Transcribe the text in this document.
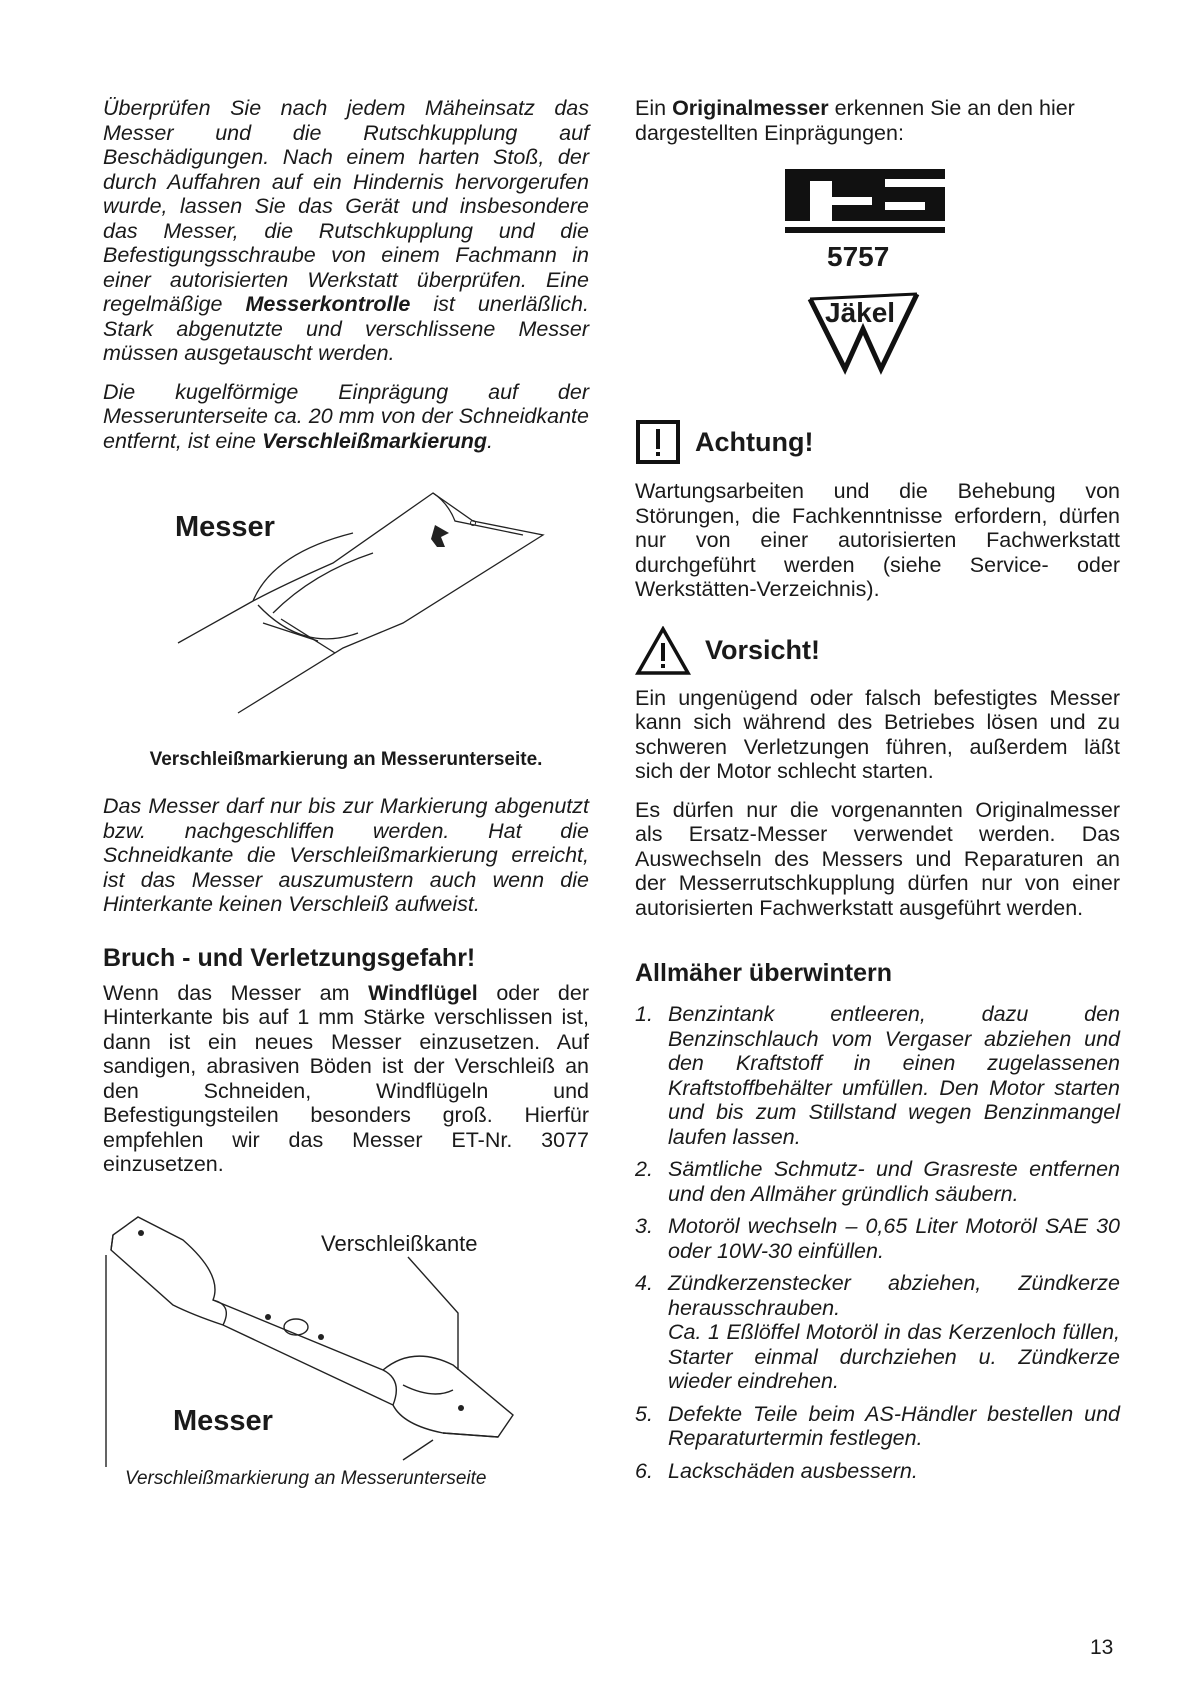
Überprüfen Sie nach jedem Mäheinsatz das Messer und die Rutschkupplung auf Beschädigungen. Nach einem harten Stoß, der durch Auffahren auf ein Hindernis hervorgerufen wurde, lassen Sie das Gerät und insbesondere das Messer, die Rutschkupplung und die Befestigungsschraube von einem Fachmann in einer autorisierten Werkstatt überprüfen. Eine regelmäßige Messerkontrolle ist unerläßlich. Stark abgenutzte und verschlissene Messer müssen ausgetauscht werden.

Die kugelförmige Einprägung auf der Messerunterseite ca. 20 mm von der Schneidkante entfernt, ist eine Verschleißmarkierung.

Messer

Verschleißmarkierung an Messerunterseite.

Das Messer darf nur bis zur Markierung abgenutzt bzw. nachgeschliffen werden. Hat die Schneidkante die Verschleißmarkierung erreicht, ist das Messer auszumustern auch wenn die Hinterkante keinen Verschleiß aufweist.

Bruch - und Verletzungsgefahr!

Wenn das Messer am Windflügel oder der Hinterkante bis auf 1 mm Stärke verschlissen ist, dann ist ein neues Messer einzusetzen. Auf sandigen, abrasiven Böden ist der Verschleiß an den Schneiden, Windflügeln und Befestigungsteilen besonders groß. Hierfür empfehlen wir das Messer ET-Nr. 3077 einzusetzen.

Verschleißkante
Messer

Verschleißmarkierung an Messerunterseite

Ein Originalmesser erkennen Sie an den hier dargestellten Einprägungen:

5757
Jäkel
Achtung!

Wartungsarbeiten und die Behebung von Störungen, die Fachkenntnisse erfordern, dürfen nur von einer autorisierten Fachwerkstatt durchgeführt werden (siehe Service- oder Werkstätten-Verzeichnis).

Vorsicht!

Ein ungenügend oder falsch befestigtes Messer kann sich während des Betriebes lösen und zu schweren Verletzungen führen, außerdem läßt sich der Motor schlecht starten.

Es dürfen nur die vorgenannten Originalmesser als Ersatz-Messer verwendet werden. Das Auswechseln des Messers und Reparaturen an der Messerrutschkupplung dürfen nur von einer autorisierten Fachwerkstatt ausgeführt werden.

Allmäher überwintern
1. Benzintank entleeren, dazu den Benzinschlauch vom Vergaser abziehen und den Kraftstoff in einen zugelassenen Kraftstoffbehälter umfüllen. Den Motor starten und bis zum Stillstand wegen Benzinmangel laufen lassen.
2. Sämtliche Schmutz- und Grasreste entfernen und den Allmäher gründlich säubern.
3. Motoröl wechseln – 0,65 Liter Motoröl SAE 30 oder 10W-30 einfüllen.
4. Zündkerzenstecker abziehen, Zündkerze herausschrauben.
Ca. 1 Eßlöffel Motoröl in das Kerzenloch füllen, Starter einmal durchziehen u. Zündkerze wieder eindrehen.
5. Defekte Teile beim AS-Händler bestellen und Reparaturtermin festlegen.
6. Lackschäden ausbessern.
13
